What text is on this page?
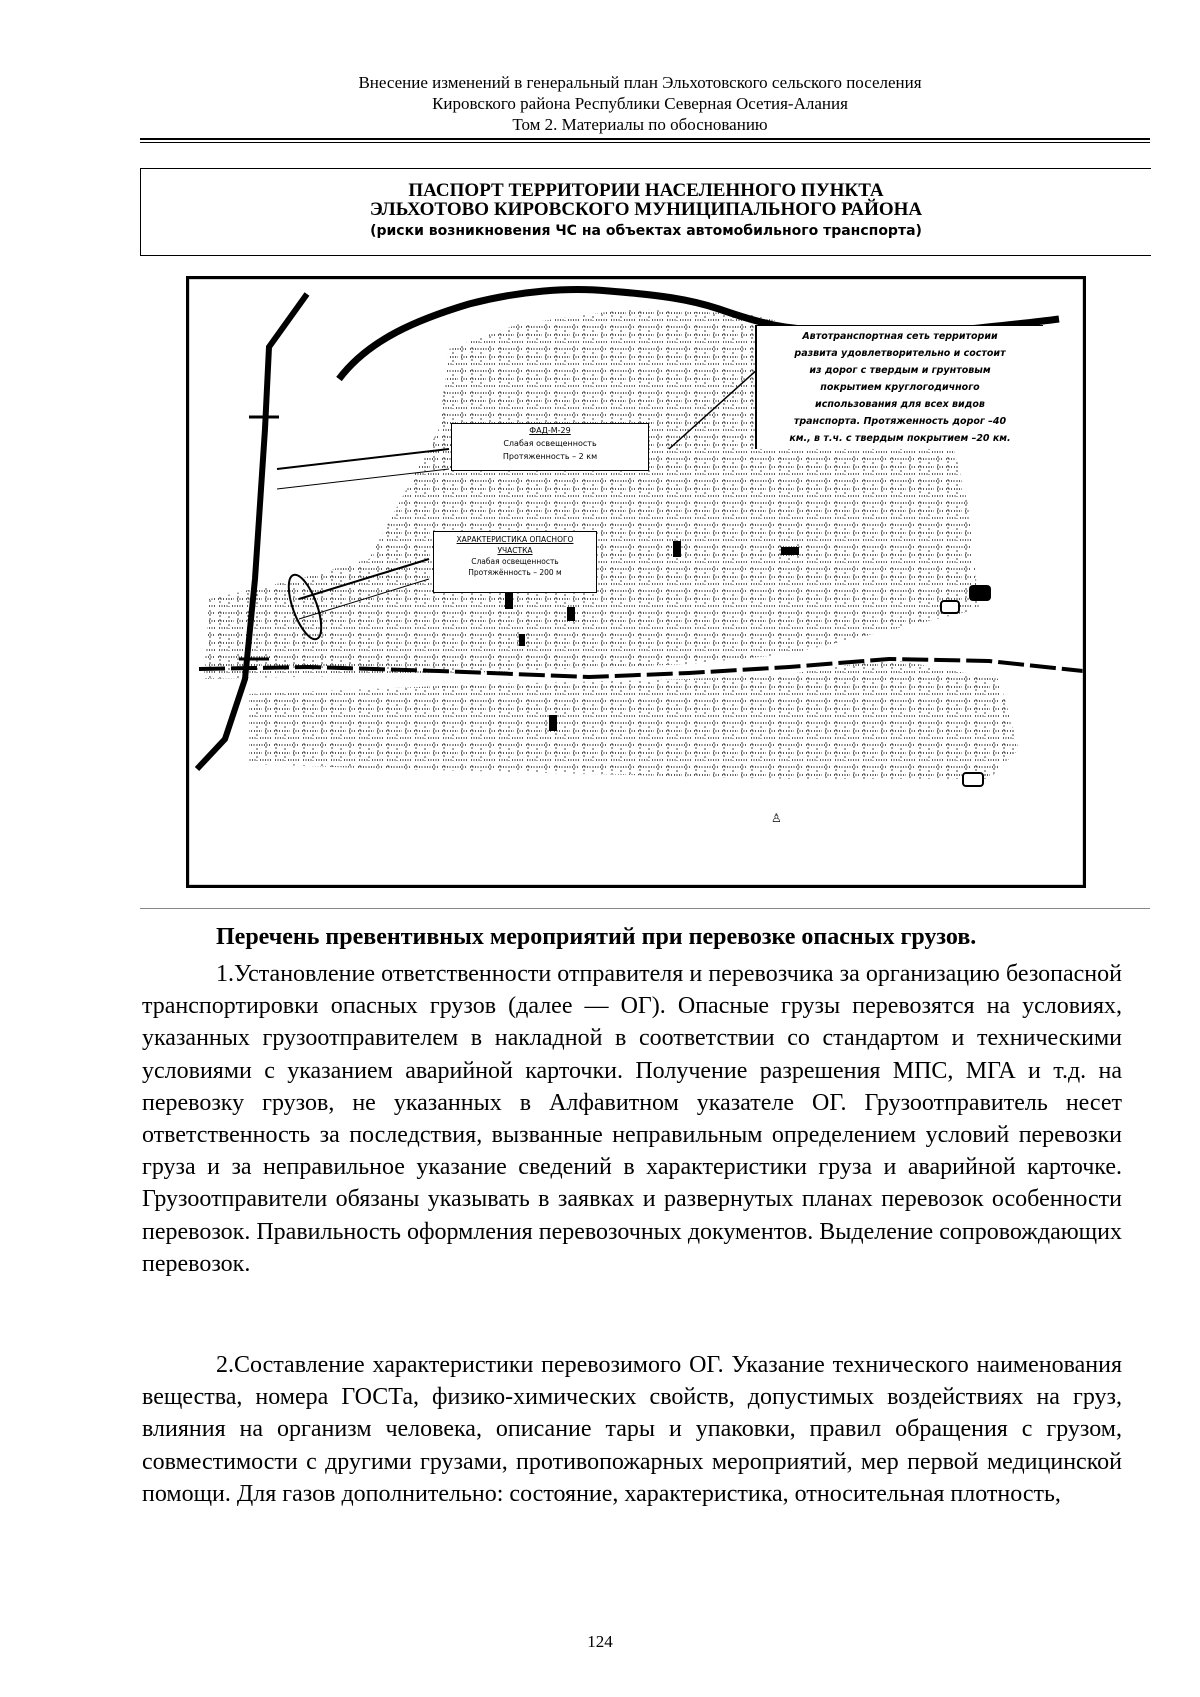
Внесение изменений в генеральный план Эльхотовского сельского поселения
Кировского района Республики Северная Осетия-Алания
Том 2. Материалы по обоснованию
ПАСПОРТ ТЕРРИТОРИИ НАСЕЛЕННОГО ПУНКТА
ЭЛЬХОТОВО КИРОВСКОГО МУНИЦИПАЛЬНОГО РАЙОНА
(риски возникновения ЧС на объектах автомобильного транспорта)
♙
Автотранспортная сеть территории
развита удовлетворительно и состоит
из дорог с твердым и грунтовым
покрытием круглогодичного
использования для всех видов
транспорта. Протяженность дорог –40
км., в т.ч. с твердым покрытием –20 км.
ФАД-М-29
Слабая освещенность
Протяженность – 2 км
ХАРАКТЕРИСТИКА ОПАСНОГО
УЧАСТКА
Слабая освещенность
Протяжённость – 200 м
Перечень превентивных мероприятий при перевозке опасных грузов.
1.Установление ответственности отправителя и перевозчика за организацию безопасной транспортировки опасных грузов (далее — ОГ). Опасные грузы перевозятся на условиях, указанных грузоотправителем в накладной в соответствии со стандартом и техническими условиями с указанием аварийной карточки. Получение разрешения МПС, МГА и т.д. на перевозку грузов, не указанных в Алфавитном указателе ОГ. Грузоотправитель несет ответственность за последствия, вызванные неправильным определением условий перевозки груза и за неправильное указание сведений в характеристики груза и аварийной карточке. Грузоотправители обязаны указывать в заявках и развернутых планах перевозок особенности перевозок. Правильность оформления перевозочных документов. Выделение сопровождающих перевозок.
2.Составление характеристики перевозимого ОГ. Указание технического наименования вещества, номера ГОСТа, физико-химических свойств, допустимых воздействиях на груз, влияния на организм человека, описание тары и упаковки, правил обращения с грузом, совместимости с другими грузами, противопожарных мероприятий, мер первой медицинской помощи. Для газов дополнительно: состояние, характеристика, относительная плотность,
124
